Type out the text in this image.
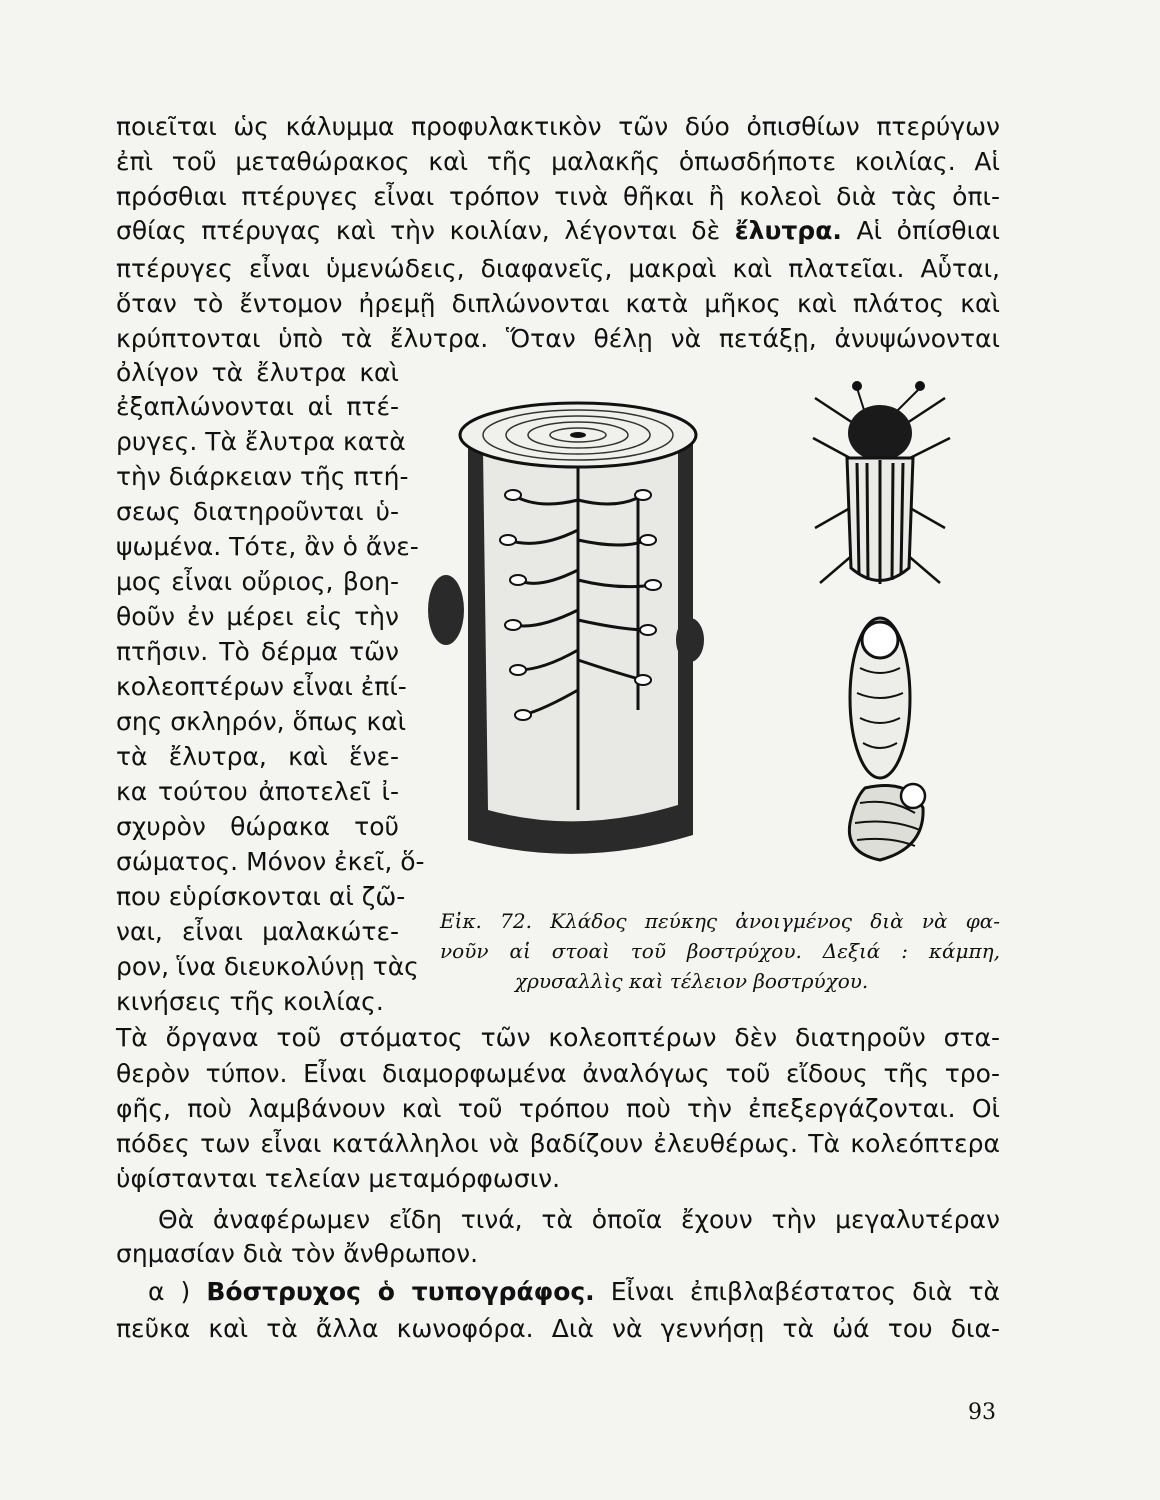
ποιεῖται ὡς κάλυμμα προφυλακτικὸν τῶν δύο ὀπισθίων πτερύγων
ἐπὶ τοῦ μεταθώρακος καὶ τῆς μαλακῆς ὁπωσδήποτε κοιλίας. Αἱ
πρόσθιαι πτέρυγες εἶναι τρόπον τινὰ θῆκαι ἢ κολεοὶ διὰ τὰς ὀπι-
σθίας πτέρυγας καὶ τὴν κοιλίαν, λέγονται δὲ ἔλυτρα. Αἱ ὀπίσθιαι
πτέρυγες εἶναι ὑμενώδεις, διαφανεῖς, μακραὶ καὶ πλατεῖαι. Αὗται,
ὅταν τὸ ἔντομον ἠρεμῇ διπλώνονται κατὰ μῆκος καὶ πλάτος καὶ
κρύπτονται ὑπὸ τὰ ἔλυτρα. Ὅταν θέλῃ νὰ πετάξῃ, ἀνυψώνονται
ὀλίγον τὰ ἔλυτρα καὶ
ἐξαπλώνονται αἱ πτέ-
ρυγες. Τὰ ἔλυτρα κατὰ
τὴν διάρκειαν τῆς πτή-
σεως διατηροῦνται ὑ-
ψωμένα. Τότε, ἂν ὁ ἄνε-
μος εἶναι οὔριος, βοη-
θοῦν ἐν μέρει εἰς τὴν
πτῆσιν. Τὸ δέρμα τῶν
κολεοπτέρων εἶναι ἐπί-
σης σκληρόν, ὅπως καὶ
τὰ ἔλυτρα, καὶ ἕνε-
κα τούτου ἀποτελεῖ ἰ-
σχυρὸν θώρακα τοῦ
σώματος. Μόνον ἐκεῖ, ὅ-
που εὑρίσκονται αἱ ζῶ-
ναι, εἶναι μαλακώτε-
ρον, ἵνα διευκολύνῃ τὰς
κινήσεις τῆς κοιλίας.
Εἰκ. 72. Κλάδος πεύκης ἀνοιγμένος διὰ νὰ φα-
νοῦν αἱ στοαὶ τοῦ βοστρύχου. Δεξιά : κάμπη,
χρυσαλλὶς καὶ τέλειον βοστρύχου.
Τὰ ὄργανα τοῦ στόματος τῶν κολεοπτέρων δὲν διατηροῦν στα-
θερὸν τύπον. Εἶναι διαμορφωμένα ἀναλόγως τοῦ εἴδους τῆς τρο-
φῆς, ποὺ λαμβάνουν καὶ τοῦ τρόπου ποὺ τὴν ἐπεξεργάζονται. Οἱ
πόδες των εἶναι κατάλληλοι νὰ βαδίζουν ἐλευθέρως. Τὰ κολεόπτερα
ὑφίστανται τελείαν μεταμόρφωσιν.
Θὰ ἀναφέρωμεν εἴδη τινά, τὰ ὁποῖα ἔχουν τὴν μεγαλυτέραν
σημασίαν διὰ τὸν ἄνθρωπον.
α ) Βόστρυχος ὁ τυπογράφος. Εἶναι ἐπιβλαβέστατος διὰ τὰ
πεῦκα καὶ τὰ ἄλλα κωνοφόρα. Διὰ νὰ γεννήσῃ τὰ ὠά του δια-
93
